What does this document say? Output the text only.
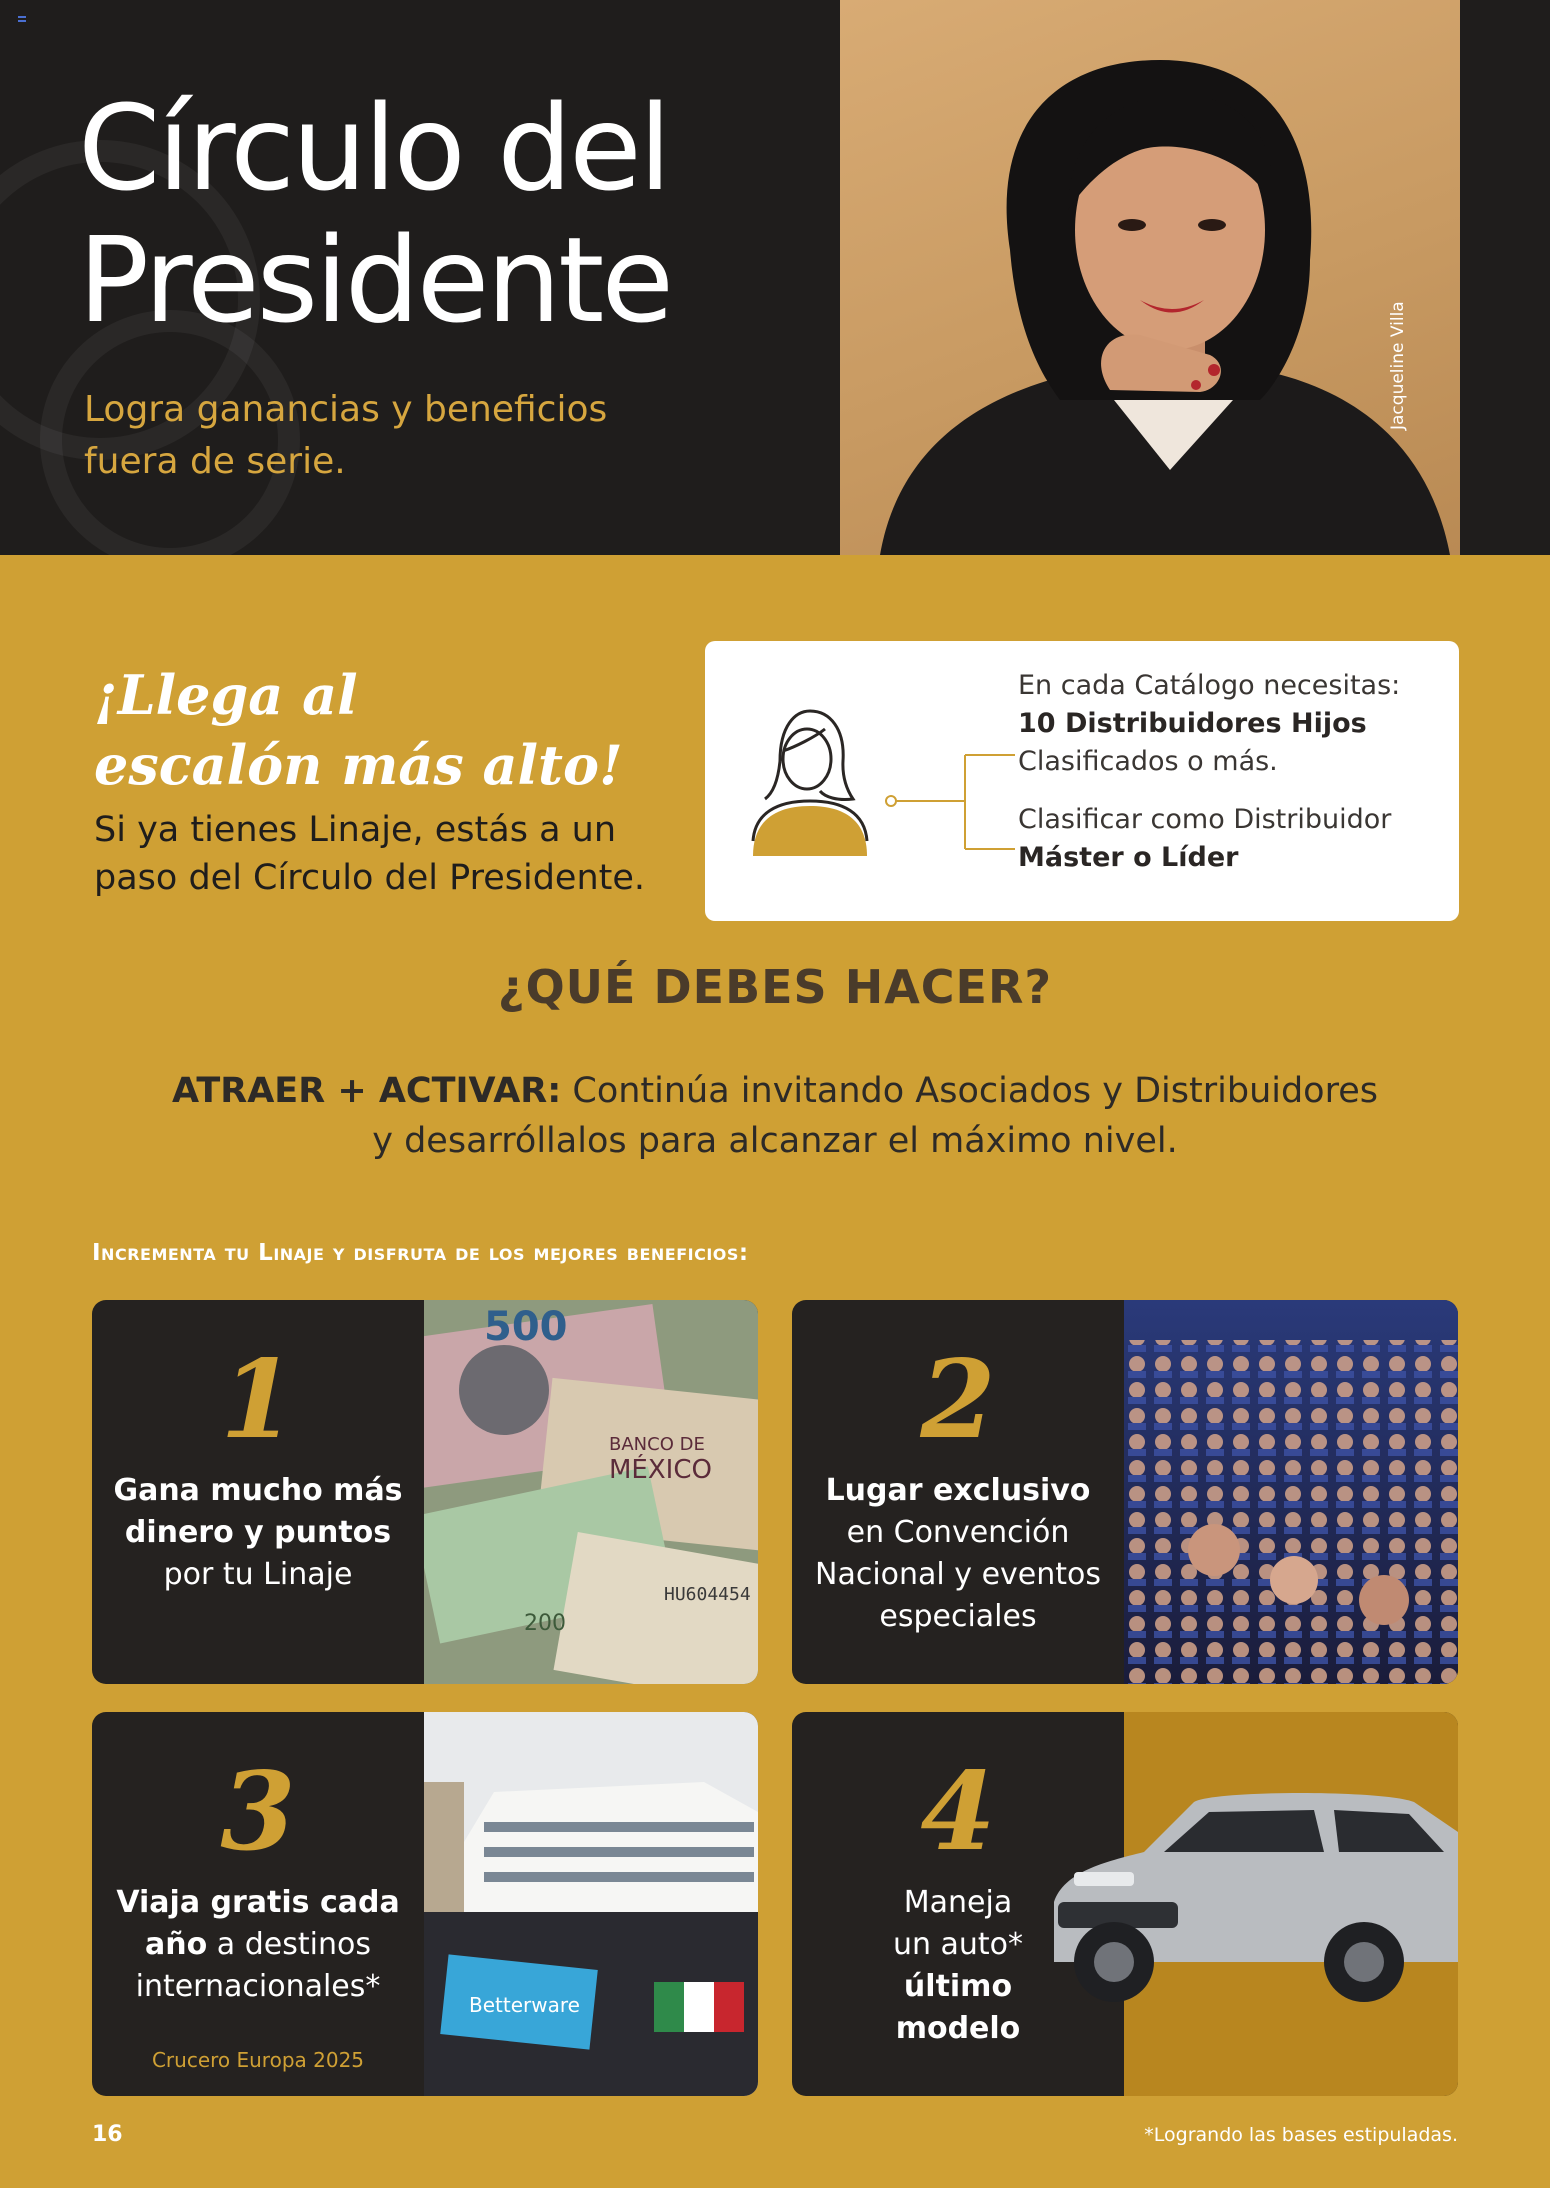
Círculo del
Presidente
Logra ganancias y beneficios
fuera de serie.
Jacqueline Villa
¡Llega al
escalón más alto!
Si ya tienes Linaje, estás a un
paso del Círculo del Presidente.
En cada Catálogo necesitas:
10 Distribuidores Hijos
Clasificados o más.
Clasificar como Distribuidor
Máster o Líder
¿QUÉ DEBES HACER?
ATRAER + ACTIVAR: Continúa invitando Asociados y Distribuidores
y desarróllalos para alcanzar el máximo nivel.
Incrementa tu Linaje y disfruta de los mejores beneficios:
1
Gana mucho más
dinero y puntos
por tu Linaje
500
BANCO DE
MÉXICO
200
HU604454
2
Lugar exclusivo
en Convención
Nacional y eventos
especiales
3
Viaja gratis cada
año a destinos
internacionales*
Crucero Europa 2025
Betterware
4
Maneja
un auto*
último
modelo
16	*Logrando las bases estipuladas.
